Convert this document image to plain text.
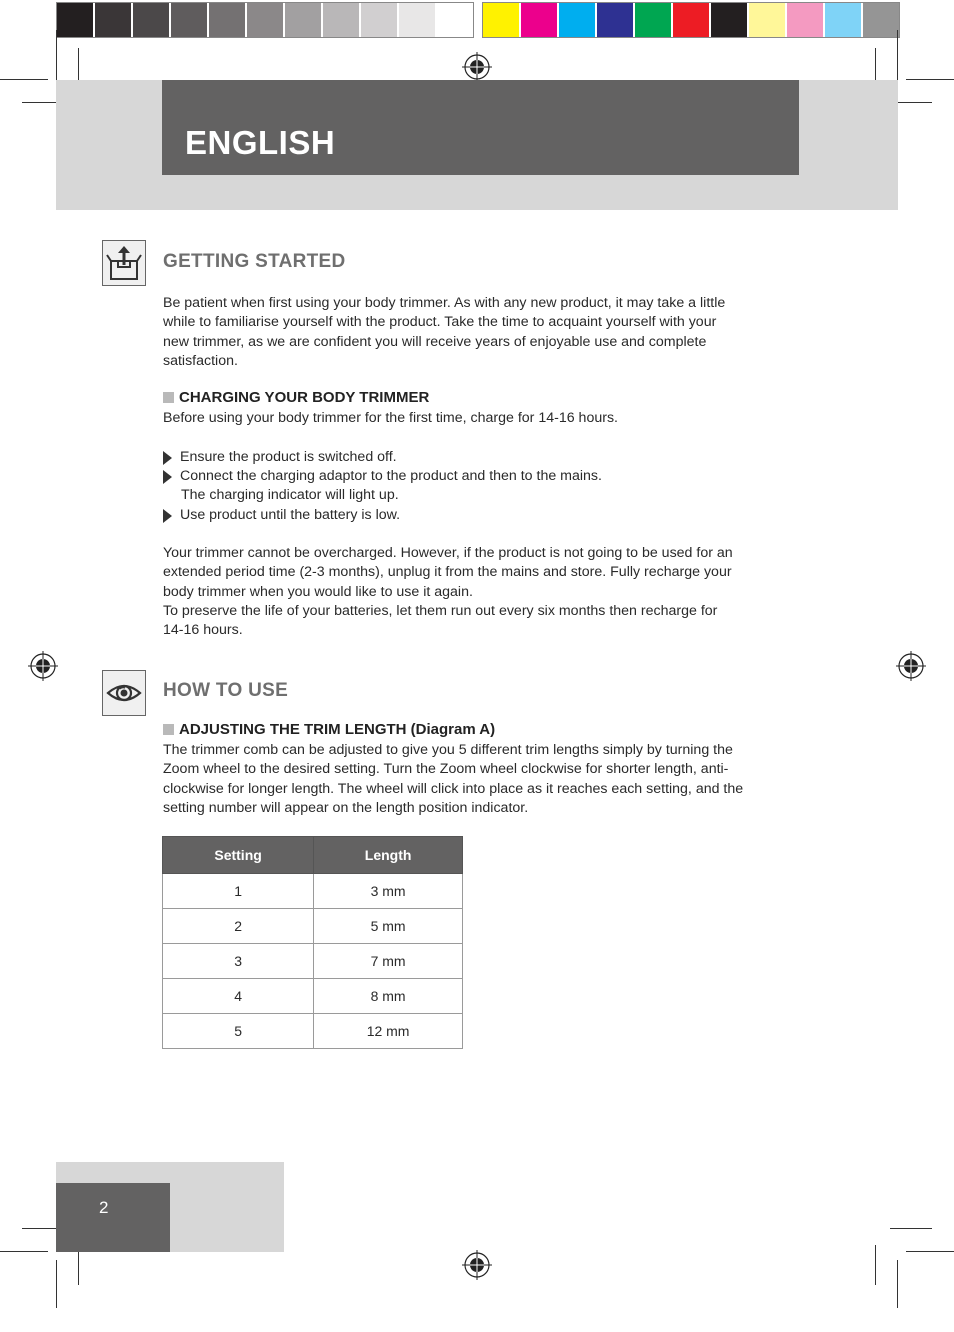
ENGLISH
GETTING STARTED

Be patient when first using your body trimmer. As with any new product, it may take a little
while to familiarise yourself with the product. Take the time to acquaint yourself with your
new trimmer, as we are confident you will receive years of enjoyable use and complete
satisfaction.

CHARGING YOUR BODY TRIMMER
Before using your body trimmer for the first time, charge for 14-16 hours.
Ensure the product is switched off.
Connect the charging adaptor to the product and then to the mains.
The charging indicator will light up.
Use product until the battery is low.

Your trimmer cannot be overcharged. However, if the product is not going to be used for an
extended period time (2-3 months), unplug it from the mains and store. Fully recharge your
body trimmer when you would like to use it again.
To preserve the life of your batteries, let them run out every six months then recharge for
14-16 hours.

HOW TO USE
ADJUSTING THE TRIM LENGTH (Diagram A)

The trimmer comb can be adjusted to give you 5 different trim lengths simply by turning the
Zoom wheel to the desired setting. Turn the Zoom wheel clockwise for shorter length, anti-
clockwise for longer length. The wheel will click into place as it reaches each setting, and the
setting number will appear on the length position indicator.

Setting	Length
1	3 mm
2	5 mm
3	7 mm
4	8 mm
5	12 mm
2
